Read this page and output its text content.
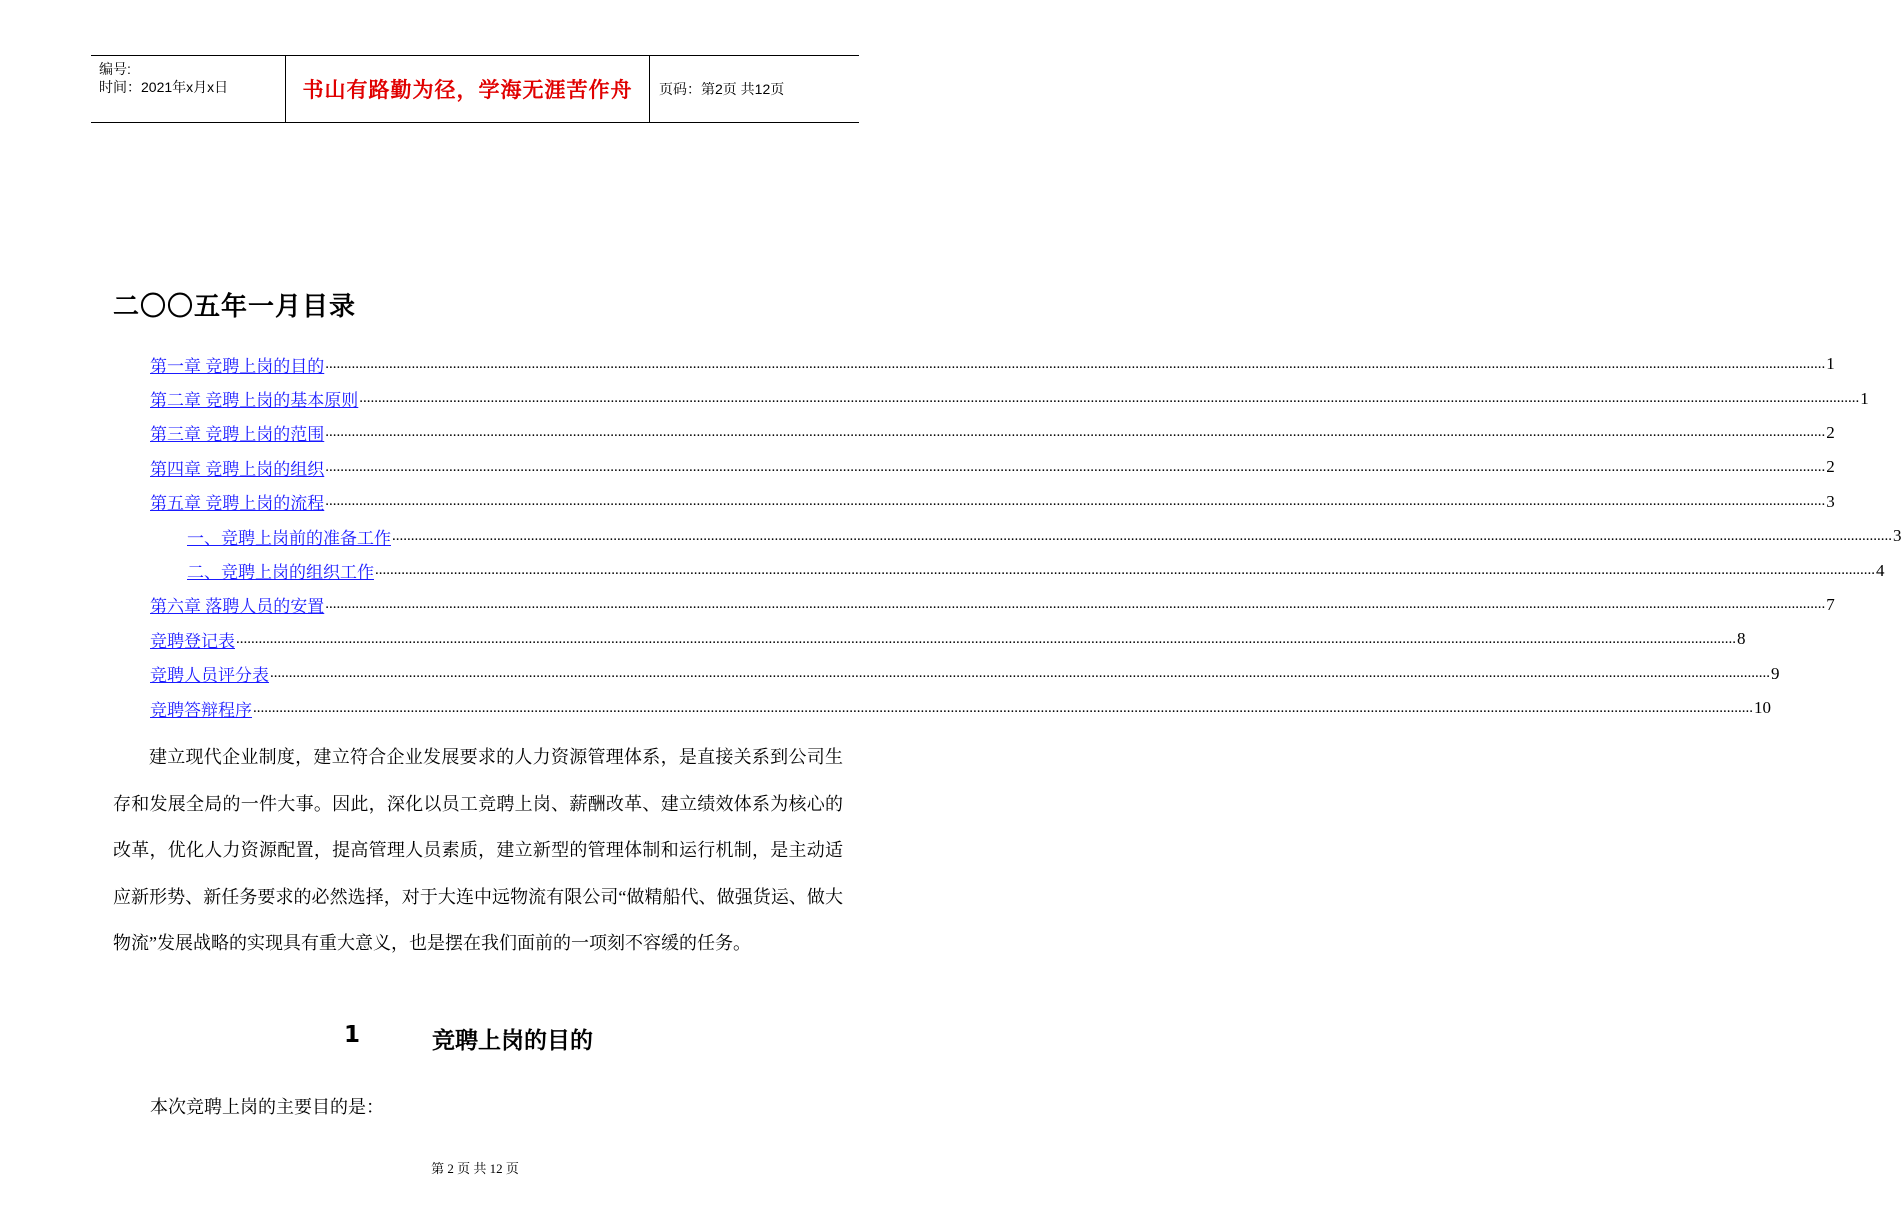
编号:
时间：2021年x月x日	书山有路勤为径，学海无涯苦作舟	页码：第2页 共12页
二〇〇五年一月目录
第一章 竞聘上岗的目的 ................................................................................................................................................................................................................................................................................................................................................................................................................ 1
第二章 竞聘上岗的基本原则 ................................................................................................................................................................................................................................................................................................................................................................................................................ 1
第三章 竞聘上岗的范围 ................................................................................................................................................................................................................................................................................................................................................................................................................ 2
第四章 竞聘上岗的组织 ................................................................................................................................................................................................................................................................................................................................................................................................................ 2
第五章 竞聘上岗的流程 ................................................................................................................................................................................................................................................................................................................................................................................................................ 3
一、竞聘上岗前的准备工作 ................................................................................................................................................................................................................................................................................................................................................................................................................ 3
二、竞聘上岗的组织工作 ................................................................................................................................................................................................................................................................................................................................................................................................................ 4
第六章 落聘人员的安置 ................................................................................................................................................................................................................................................................................................................................................................................................................ 7
竞聘登记表 ................................................................................................................................................................................................................................................................................................................................................................................................................ 8
竞聘人员评分表 ................................................................................................................................................................................................................................................................................................................................................................................................................ 9
竞聘答辩程序 ................................................................................................................................................................................................................................................................................................................................................................................................................ 10

建立现代企业制度，建立符合企业发展要求的人力资源管理体系，是直接关系到公司生存和发展全局的一件大事。因此，深化以员工竞聘上岗、薪酬改革、建立绩效体系为核心的改革，优化人力资源配置，提高管理人员素质，建立新型的管理体制和运行机制，是主动适应新形势、新任务要求的必然选择，对于大连中远物流有限公司“做精船代、做强货运、做大物流”发展战略的实现具有重大意义，也是摆在我们面前的一项刻不容缓的任务。

1	竞聘上岗的目的

本次竞聘上岗的主要目的是：

第 2 页 共 12 页
